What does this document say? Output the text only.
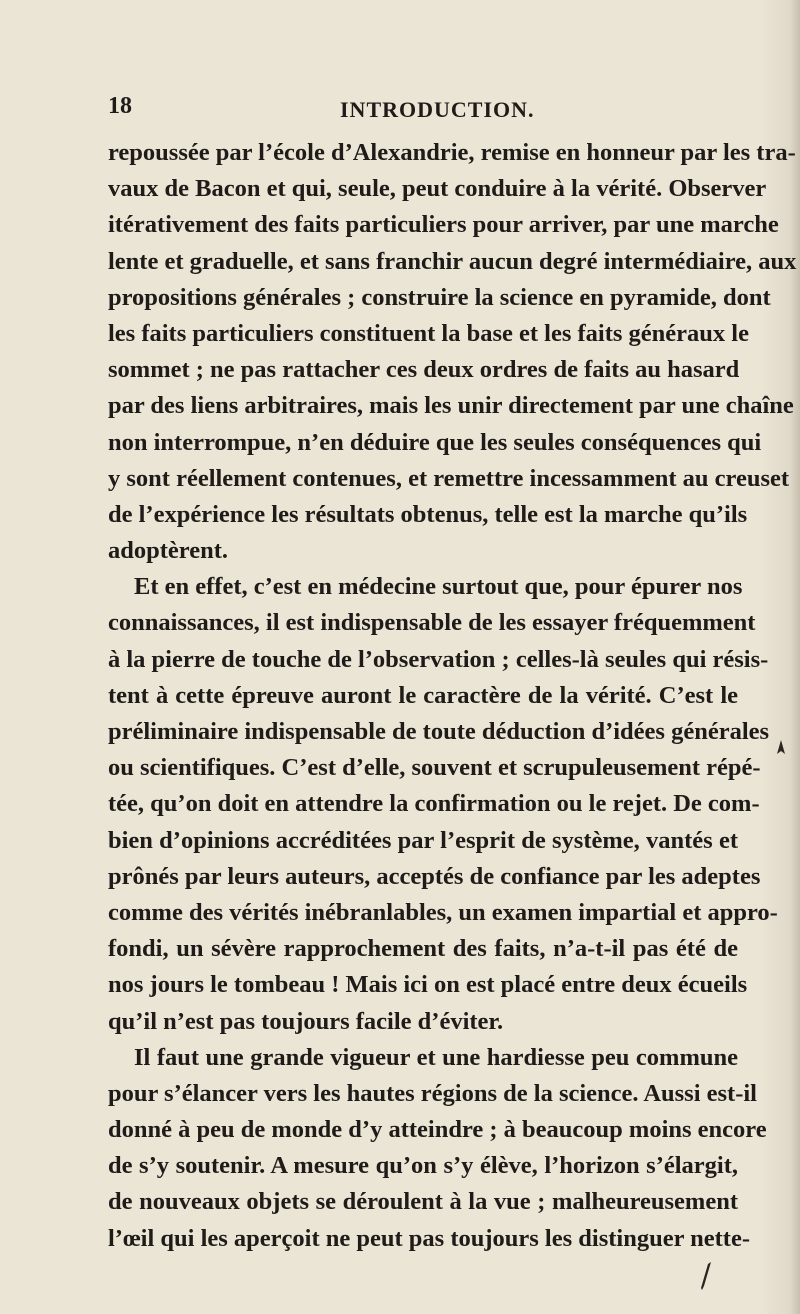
18	INTRODUCTION.
repoussée par l’école d’Alexandrie, remise en honneur par les tra-
vaux de Bacon et qui, seule, peut conduire à la vérité. Observer
itérativement des faits particuliers pour arriver, par une marche
lente et graduelle, et sans franchir aucun degré intermédiaire, aux
propositions générales ; construire la science en pyramide, dont
les faits particuliers constituent la base et les faits généraux le
sommet ; ne pas rattacher ces deux ordres de faits au hasard
par des liens arbitraires, mais les unir directement par une chaîne
non interrompue, n’en déduire que les seules conséquences qui
y sont réellement contenues, et remettre incessamment au creuset
de l’expérience les résultats obtenus, telle est la marche qu’ils
adoptèrent.
Et en effet, c’est en médecine surtout que, pour épurer nos
connaissances, il est indispensable de les essayer fréquemment
à la pierre de touche de l’observation ; celles-là seules qui résis-
tent à cette épreuve auront le caractère de la vérité. C’est le
préliminaire indispensable de toute déduction d’idées générales
ou scientifiques. C’est d’elle, souvent et scrupuleusement répé-
tée, qu’on doit en attendre la confirmation ou le rejet. De com-
bien d’opinions accréditées par l’esprit de système, vantés et
prônés par leurs auteurs, acceptés de confiance par les adeptes
comme des vérités inébranlables, un examen impartial et appro-
fondi, un sévère rapprochement des faits, n’a-t-il pas été de
nos jours le tombeau ! Mais ici on est placé entre deux écueils
qu’il n’est pas toujours facile d’éviter.
Il faut une grande vigueur et une hardiesse peu commune
pour s’élancer vers les hautes régions de la science. Aussi est-il
donné à peu de monde d’y atteindre ; à beaucoup moins encore
de s’y soutenir. A mesure qu’on s’y élève, l’horizon s’élargit,
de nouveaux objets se déroulent à la vue ; malheureusement
l’œil qui les aperçoit ne peut pas toujours les distinguer nette-
